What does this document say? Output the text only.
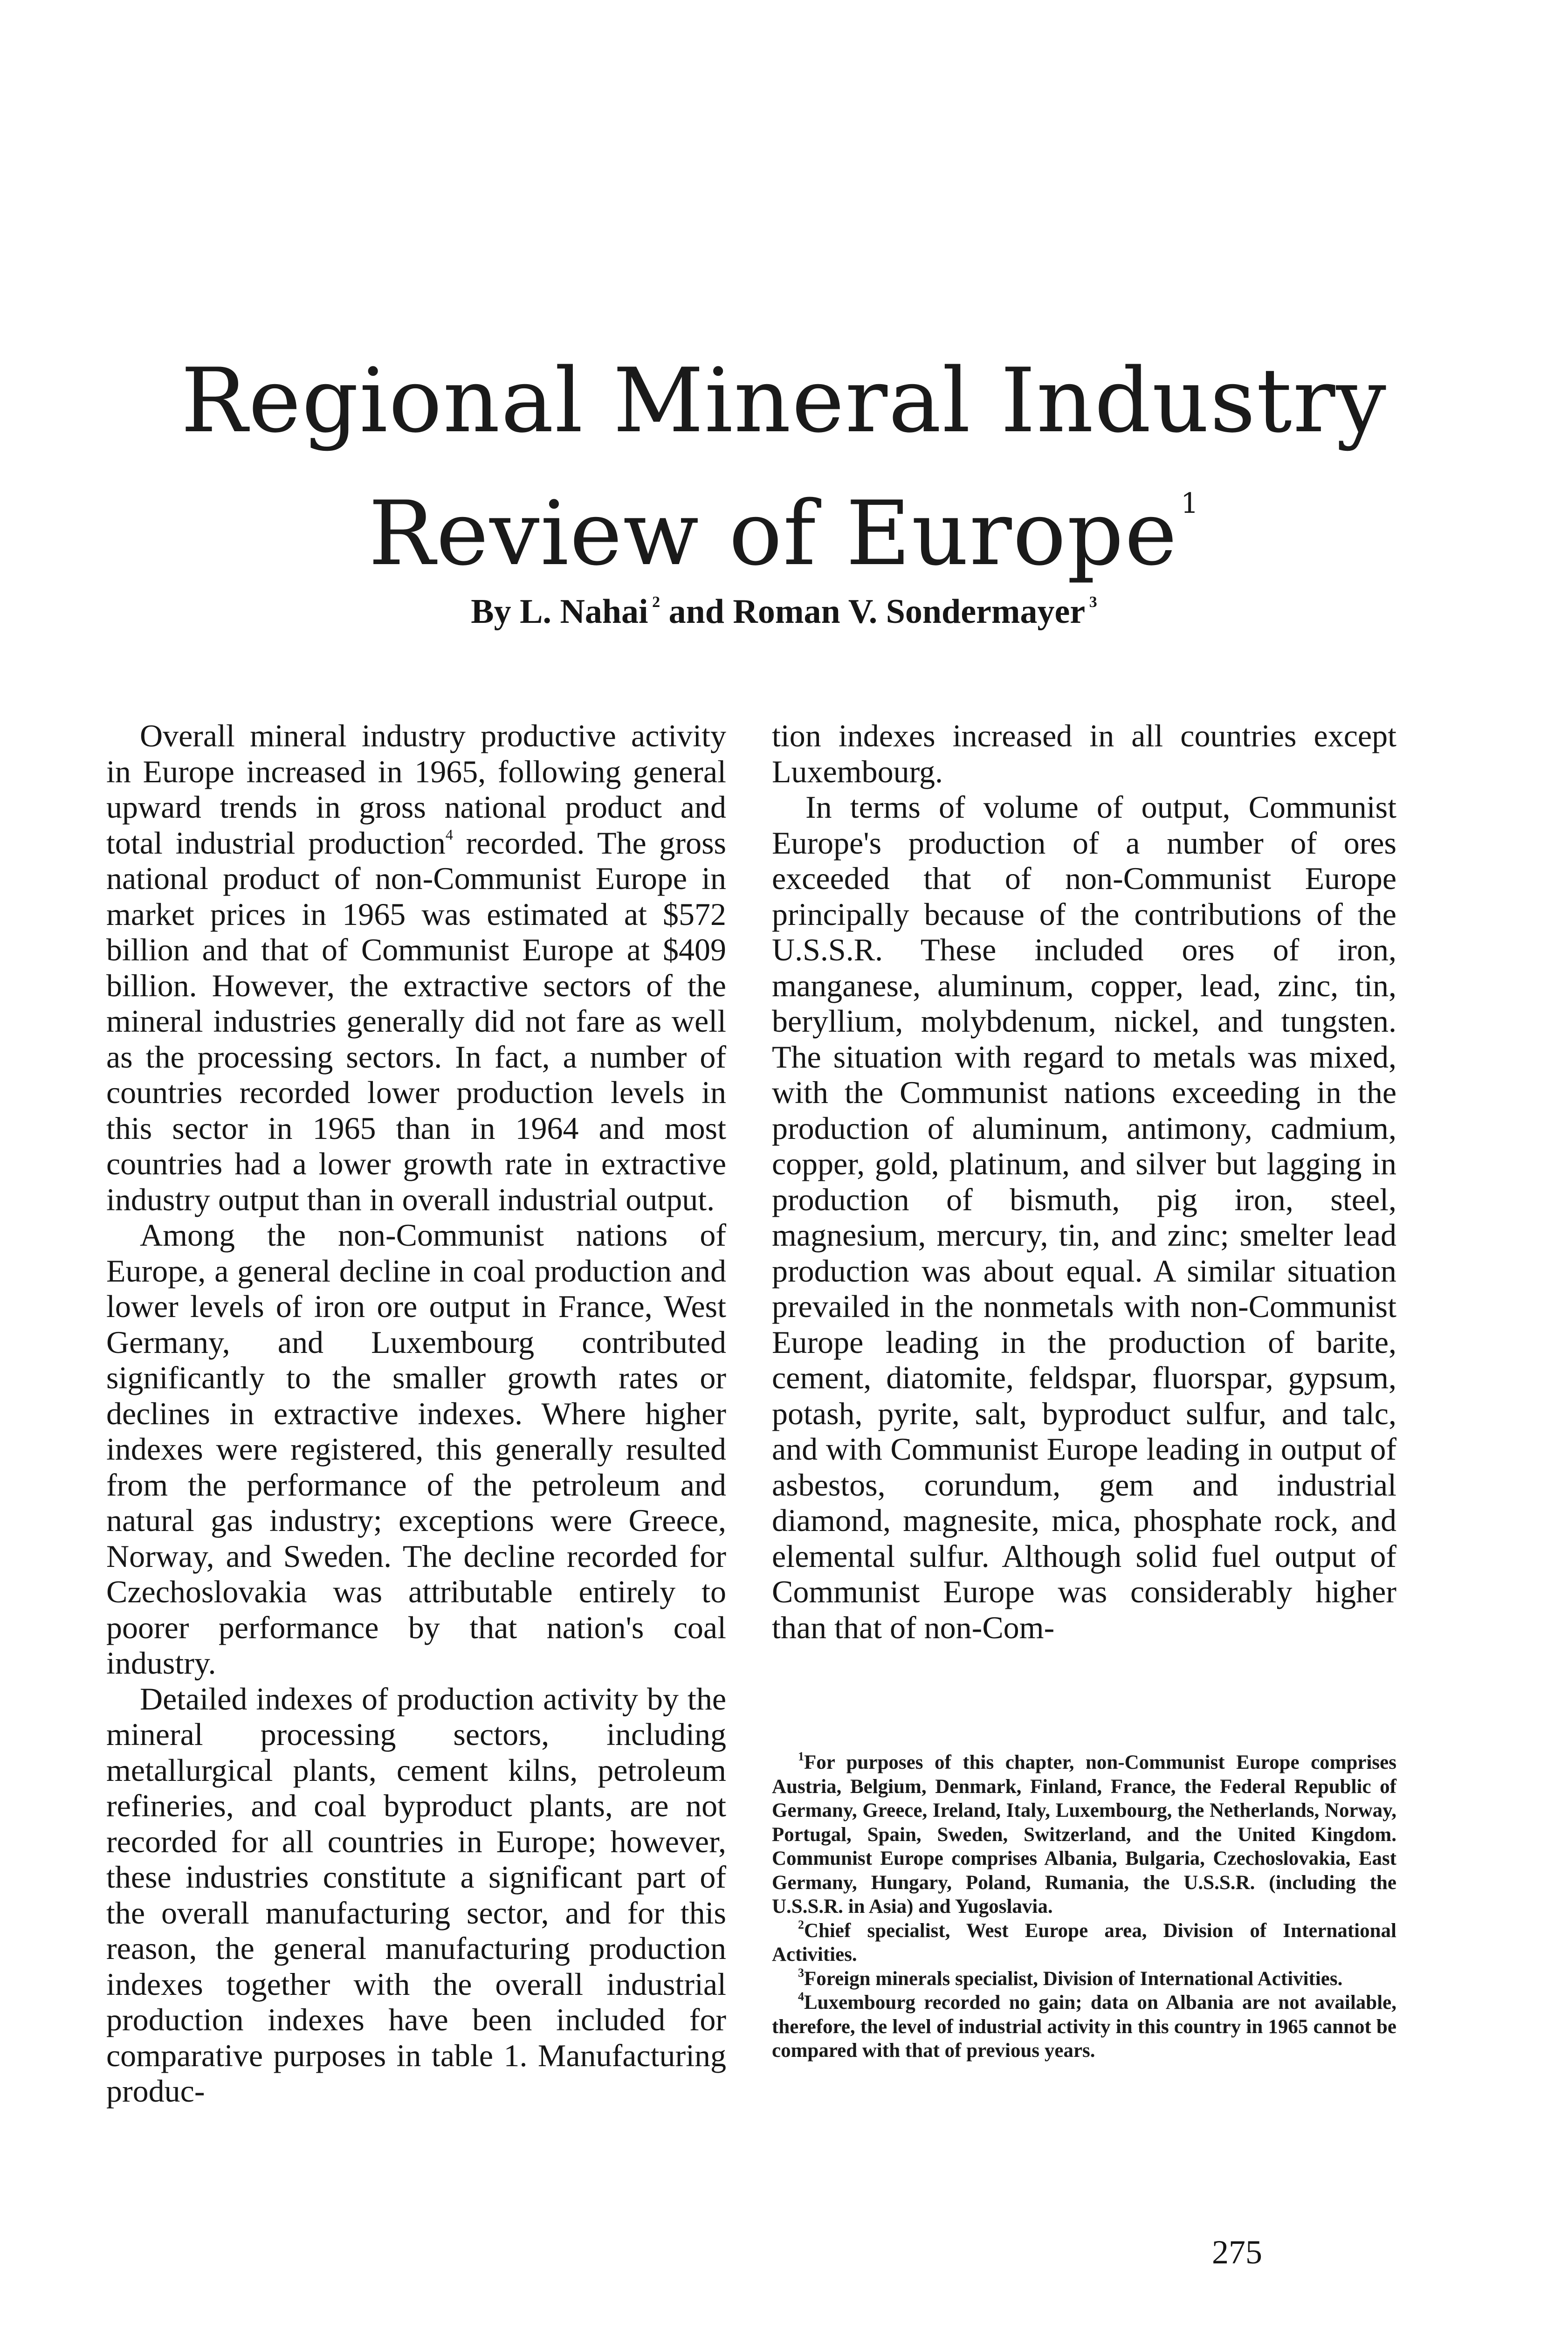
Regional Mineral Industry
Review of Europe $^1$
By L. Nahai $^2$ and Roman V. Sondermayer $^3$

Overall mineral industry productive activity in Europe increased in 1965, following general upward trends in gross national product and total industrial production$^4$ recorded. The gross national product of non-Communist Europe in market prices in 1965 was estimated at $572 billion and that of Communist Europe at $409 billion. However, the extractive sectors of the mineral industries generally did not fare as well as the processing sectors. In fact, a number of countries recorded lower production levels in this sector in 1965 than in 1964 and most countries had a lower growth rate in extractive industry output than in overall industrial output.

Among the non-Communist nations of Europe, a general decline in coal production and lower levels of iron ore output in France, West Germany, and Luxembourg contributed significantly to the smaller growth rates or declines in extractive indexes. Where higher indexes were registered, this generally resulted from the performance of the petroleum and natural gas industry; exceptions were Greece, Norway, and Sweden. The decline recorded for Czechoslovakia was attributable entirely to poorer performance by that nation's coal industry.

Detailed indexes of production activity by the mineral processing sectors, including metallurgical plants, cement kilns, petroleum refineries, and coal byproduct plants, are not recorded for all countries in Europe; however, these industries constitute a significant part of the overall manufacturing sector, and for this reason, the general manufacturing production indexes together with the overall industrial production indexes have been included for comparative purposes in table 1. Manufacturing produc-

tion indexes increased in all countries except Luxembourg.

In terms of volume of output, Communist Europe's production of a number of ores exceeded that of non-Communist Europe principally because of the contributions of the U.S.S.R. These included ores of iron, manganese, aluminum, copper, lead, zinc, tin, beryllium, molybdenum, nickel, and tungsten. The situation with regard to metals was mixed, with the Communist nations exceeding in the production of aluminum, antimony, cadmium, copper, gold, platinum, and silver but lagging in production of bismuth, pig iron, steel, magnesium, mercury, tin, and zinc; smelter lead production was about equal. A similar situation prevailed in the nonmetals with non-Communist Europe leading in the production of barite, cement, diatomite, feldspar, fluorspar, gypsum, potash, pyrite, salt, byproduct sulfur, and talc, and with Communist Europe leading in output of asbestos, corundum, gem and industrial diamond, magnesite, mica, phosphate rock, and elemental sulfur. Although solid fuel output of Communist Europe was considerably higher than that of non-Com-

$^1$For purposes of this chapter, non-Communist Europe comprises Austria, Belgium, Denmark, Finland, France, the Federal Republic of Germany, Greece, Ireland, Italy, Luxembourg, the Netherlands, Norway, Portugal, Spain, Sweden, Switzerland, and the United Kingdom. Communist Europe comprises Albania, Bulgaria, Czechoslovakia, East Germany, Hungary, Poland, Rumania, the U.S.S.R. (including the U.S.S.R. in Asia) and Yugoslavia.

$^2$Chief specialist, West Europe area, Division of International Activities.

$^3$Foreign minerals specialist, Division of International Activities.

$^4$Luxembourg recorded no gain; data on Albania are not available, therefore, the level of industrial activity in this country in 1965 cannot be compared with that of previous years.

275
